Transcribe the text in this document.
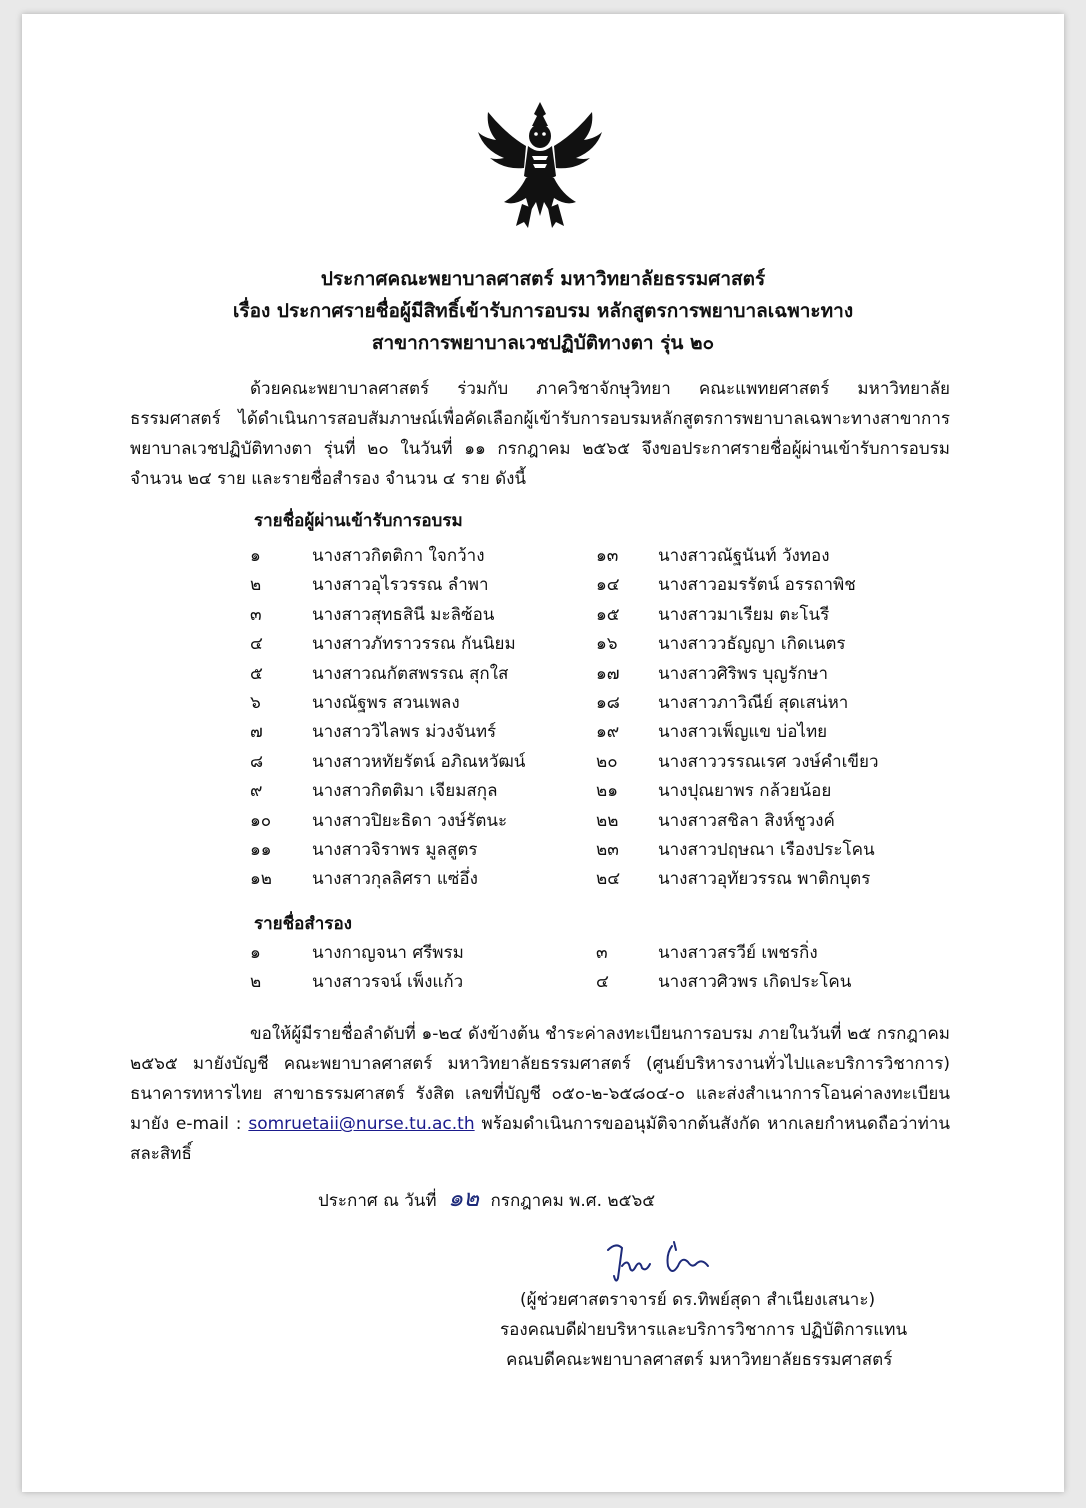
ประกาศคณะพยาบาลศาสตร์ มหาวิทยาลัยธรรมศาสตร์
เรื่อง ประกาศรายชื่อผู้มีสิทธิ์เข้ารับการอบรม หลักสูตรการพยาบาลเฉพาะทาง
สาขาการพยาบาลเวชปฏิบัติทางตา รุ่น ๒๐
ด้วยคณะพยาบาลศาสตร์ ร่วมกับ ภาควิชาจักษุวิทยา คณะแพทยศาสตร์ มหาวิทยาลัยธรรมศาสตร์ ได้ดำเนินการสอบสัมภาษณ์เพื่อคัดเลือกผู้เข้ารับการอบรมหลักสูตรการพยาบาลเฉพาะทางสาขาการพยาบาลเวชปฏิบัติทางตา รุ่นที่ ๒๐ ในวันที่ ๑๑ กรกฎาคม ๒๕๖๕ จึงขอประกาศรายชื่อผู้ผ่านเข้ารับการอบรม จำนวน ๒๔ ราย และรายชื่อสำรอง จำนวน ๔ ราย ดังนี้
รายชื่อผู้ผ่านเข้ารับการอบรม
๑	นางสาวกิตติกา ใจกว้าง
๒	นางสาวอุไรวรรณ ลำพา
๓	นางสาวสุทธสินี มะลิซ้อน
๔	นางสาวภัทราวรรณ กันนิยม
๕	นางสาวณกัตสพรรณ สุกใส
๖	นางณัฐพร สวนเพลง
๗	นางสาววิไลพร ม่วงจันทร์
๘	นางสาวหทัยรัตน์ อภิณหวัฒน์
๙	นางสาวกิตติมา เจียมสกุล
๑๐	นางสาวปิยะธิดา วงษ์รัตนะ
๑๑	นางสาวจิราพร มูลสูตร
๑๒	นางสาวกุลลิศรา แซ่อึ่ง
๑๓	นางสาวณัฐนันท์ วังทอง
๑๔	นางสาวอมรรัตน์ อรรถาพิช
๑๕	นางสาวมาเรียม ตะโนรี
๑๖	นางสาววธัญญา เกิดเนตร
๑๗	นางสาวศิริพร บุญรักษา
๑๘	นางสาวภาวิณีย์ สุดเสน่หา
๑๙	นางสาวเพ็ญแข บ่อไทย
๒๐	นางสาววรรณเรศ วงษ์คำเขียว
๒๑	นางปุณยาพร กล้วยน้อย
๒๒	นางสาวสชิลา สิงห์ชูวงค์
๒๓	นางสาวปฤษณา เรืองประโคน
๒๔	นางสาวอุทัยวรรณ พาติกบุตร
รายชื่อสำรอง
๑	นางกาญจนา ศรีพรม
๒	นางสาวรจน์ เพ็งแก้ว
๓	นางสาวสรวีย์ เพชรกิ่ง
๔	นางสาวศิวพร เกิดประโคน
ขอให้ผู้มีรายชื่อลำดับที่ ๑-๒๔ ดังข้างต้น ชำระค่าลงทะเบียนการอบรม ภายในวันที่ ๒๕ กรกฎาคม ๒๕๖๕ มายังบัญชี คณะพยาบาลศาสตร์ มหาวิทยาลัยธรรมศาสตร์ (ศูนย์บริหารงานทั่วไปและบริการวิชาการ) ธนาคารทหารไทย สาขาธรรมศาสตร์ รังสิต เลขที่บัญชี ๐๕๐-๒-๖๕๘๐๔-๐ และส่งสำเนาการโอนค่าลงทะเบียนมายัง e-mail : somruetaii@nurse.tu.ac.th พร้อมดำเนินการขออนุมัติจากต้นสังกัด หากเลยกำหนดถือว่าท่านสละสิทธิ์
ประกาศ ณ วันที่ ๑๒ กรกฎาคม พ.ศ. ๒๕๖๕
(ผู้ช่วยศาสตราจารย์ ดร.ทิพย์สุดา สำเนียงเสนาะ)
รองคณบดีฝ่ายบริหารและบริการวิชาการ ปฏิบัติการแทน
คณบดีคณะพยาบาลศาสตร์ มหาวิทยาลัยธรรมศาสตร์
